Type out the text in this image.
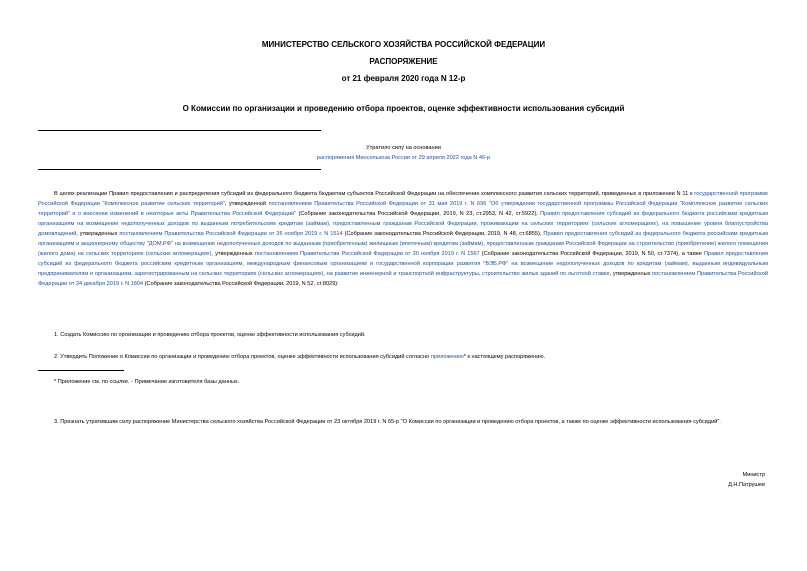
МИНИСТЕРСТВО СЕЛЬСКОГО ХОЗЯЙСТВА РОССИЙСКОЙ ФЕДЕРАЦИИ
РАСПОРЯЖЕНИЕ
от 21 февраля 2020 года N 12-р
О Комиссии по организации и проведению отбора проектов, оценке эффективности использования субсидий
Утратило силу на основании
распоряжения Минсельхоза России от 29 апреля 2022 года N 46-р

В целях реализации Правил предоставления и распределения субсидий из федерального бюджета бюджетам субъектов Российской Федерации на обеспечение комплексного развития сельских территорий, приведенных в приложении N 11 к государственной программе Российской Федерации "Комплексное развитие сельских территорий", утвержденной постановлением Правительства Российской Федерации от 31 мая 2019 г. N 696 "Об утверждении государственной программы Российской Федерации "Комплексное развитие сельских территорий" и о внесении изменений в некоторые акты Правительства Российской Федерации" (Собрание законодательства Российской Федерации, 2019, N 23, ст.2953, N 42, ст.5922), Правил предоставления субсидий из федерального бюджета российским кредитным организациям на возмещение недополученных доходов по выданным потребительским кредитам (займам), предоставленным гражданам Российской Федерации, проживающим на сельских территориях (сельских агломерациях), на повышение уровня благоустройства домовладений, утвержденных постановлением Правительства Российской Федерации от 26 ноября 2019 г. N 1514 (Собрание законодательства Российской Федерации, 2019, N 48, ст.6855), Правил предоставления субсидий из федерального бюджета российским кредитным организациям и акционерному обществу "ДОМ.РФ" на возмещение недополученных доходов по выданным (приобретенным) жилищным (ипотечным) кредитам (займам), предоставленным гражданам Российской Федерации на строительство (приобретение) жилого помещения (жилого дома) на сельских территориях (сельских агломерациях), утвержденных постановлением Правительства Российской Федерации от 30 ноября 2019 г. N 1567 (Собрание законодательства Российской Федерации, 2019, N 50, ст.7374), а также Правил предоставления субсидий из федерального бюджета российским кредитным организациям, международным финансовым организациям и государственной корпорации развития "ВЭБ.РФ" на возмещение недополученных доходов по кредитам (займам), выданным индивидуальным предпринимателям и организациям, зарегистрированным на сельских территориях (сельских агломерациях), на развитие инженерной и транспортной инфраструктуры, строительство жилых зданий по льготной ставке, утвержденных постановлением Правительства Российской Федерации от 24 декабря 2019 г. N 1804 (Собрание законодательства Российской Федерации, 2019, N 52, ст.8029):

1. Создать Комиссию по организации и проведению отбора проектов, оценке эффективности использования субсидий.

2. Утвердить Положение о Комиссии по организации и проведению отбора проектов, оценке эффективности использования субсидий согласно приложению* к настоящему распоряжению.

* Приложение см. по ссылке. - Примечание изготовителя базы данных.

3. Признать утратившим силу распоряжение Министерства сельского хозяйства Российской Федерации от 23 октября 2019 г. N 65-р "О Комиссии по организации и проведению отбора проектов, а также по оценке эффективности использования субсидий".

Министр
Д.Н.Патрушев
